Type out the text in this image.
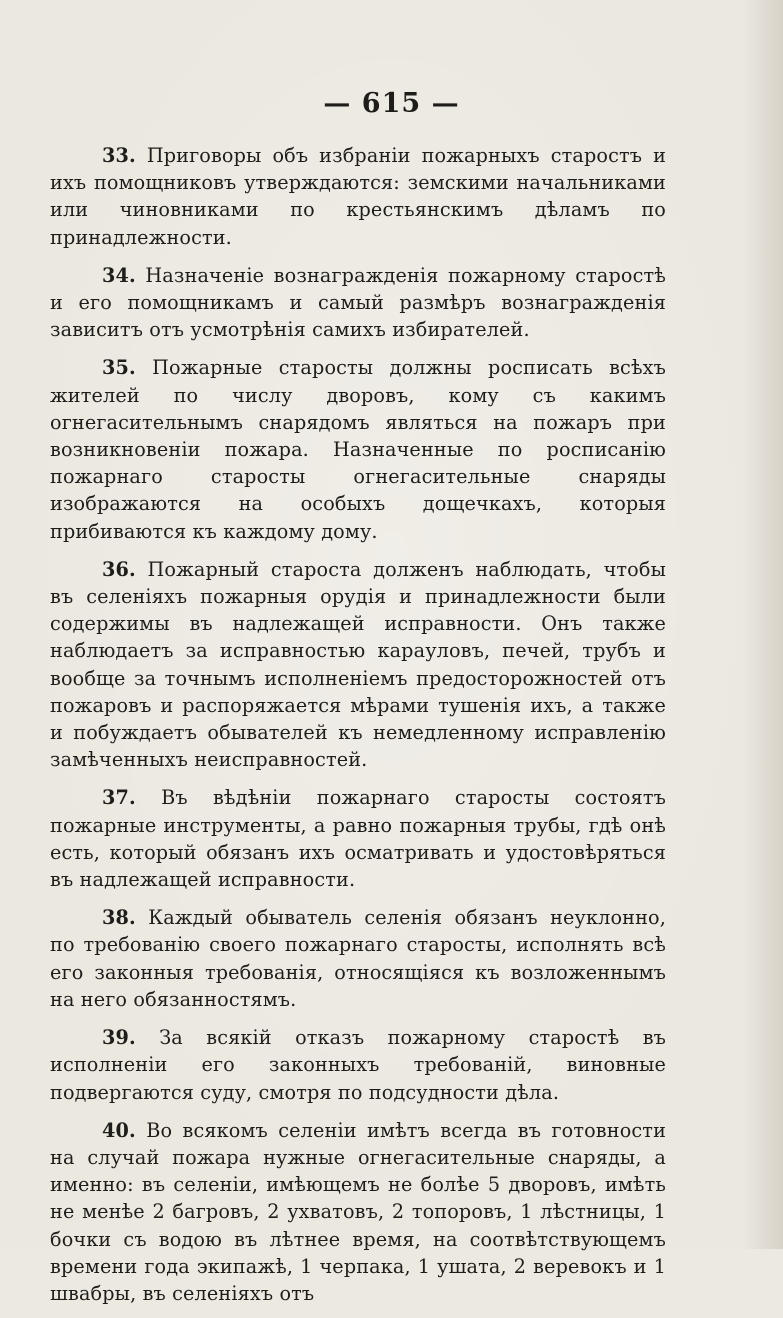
— 615 —

33. Приговоры объ избраніи пожарныхъ старостъ и ихъ помощниковъ утверждаются: земскими начальниками или чиновниками по крестьянскимъ дѣламъ по принадлежности.

34. Назначеніе вознагражденія пожарному старостѣ и его помощникамъ и самый размѣръ вознагражденія зависитъ отъ усмотрѣнія самихъ избирателей.

35. Пожарные старосты должны росписать всѣхъ жителей по числу дворовъ, кому съ какимъ огнегасительнымъ снарядомъ являться на пожаръ при возникновеніи пожара. Назначенные по росписанію пожарнаго старосты огнегасительные снаряды изображаются на особыхъ дощечкахъ, которыя прибиваются къ каждому дому.

36. Пожарный староста долженъ наблюдать, чтобы въ селеніяхъ пожарныя орудія и принадлежности были содержимы въ надлежащей исправности. Онъ также наблюдаетъ за исправностью карауловъ, печей, трубъ и вообще за точнымъ исполненіемъ предосторожностей отъ пожаровъ и распоряжается мѣрами тушенія ихъ, а также и побуждаетъ обывателей къ немедленному исправленію замѣченныхъ неисправностей.

37. Въ вѣдѣніи пожарнаго старосты состоятъ пожарные инструменты, а равно пожарныя трубы, гдѣ онѣ есть, который обязанъ ихъ осматривать и удостовѣряться въ надлежащей исправности.

38. Каждый обыватель селенія обязанъ неуклонно, по требованію своего пожарнаго старосты, исполнять всѣ его законныя требованія, относящіяся къ возложеннымъ на него обязанностямъ.

39. За всякій отказъ пожарному старостѣ въ исполненіи его законныхъ требованій, виновные подвергаются суду, смотря по подсудности дѣла.

40. Во всякомъ селеніи имѣтъ всегда въ готовности на случай пожара нужные огнегасительные снаряды, а именно: въ селеніи, имѣющемъ не болѣе 5 дворовъ, имѣть не менѣе 2 багровъ, 2 ухватовъ, 2 топоровъ, 1 лѣстницы, 1 бочки съ водою въ лѣтнее время, на соотвѣтствующемъ времени года экипажѣ, 1 черпака, 1 ушата, 2 веревокъ и 1 швабры, въ селеніяхъ отъ
